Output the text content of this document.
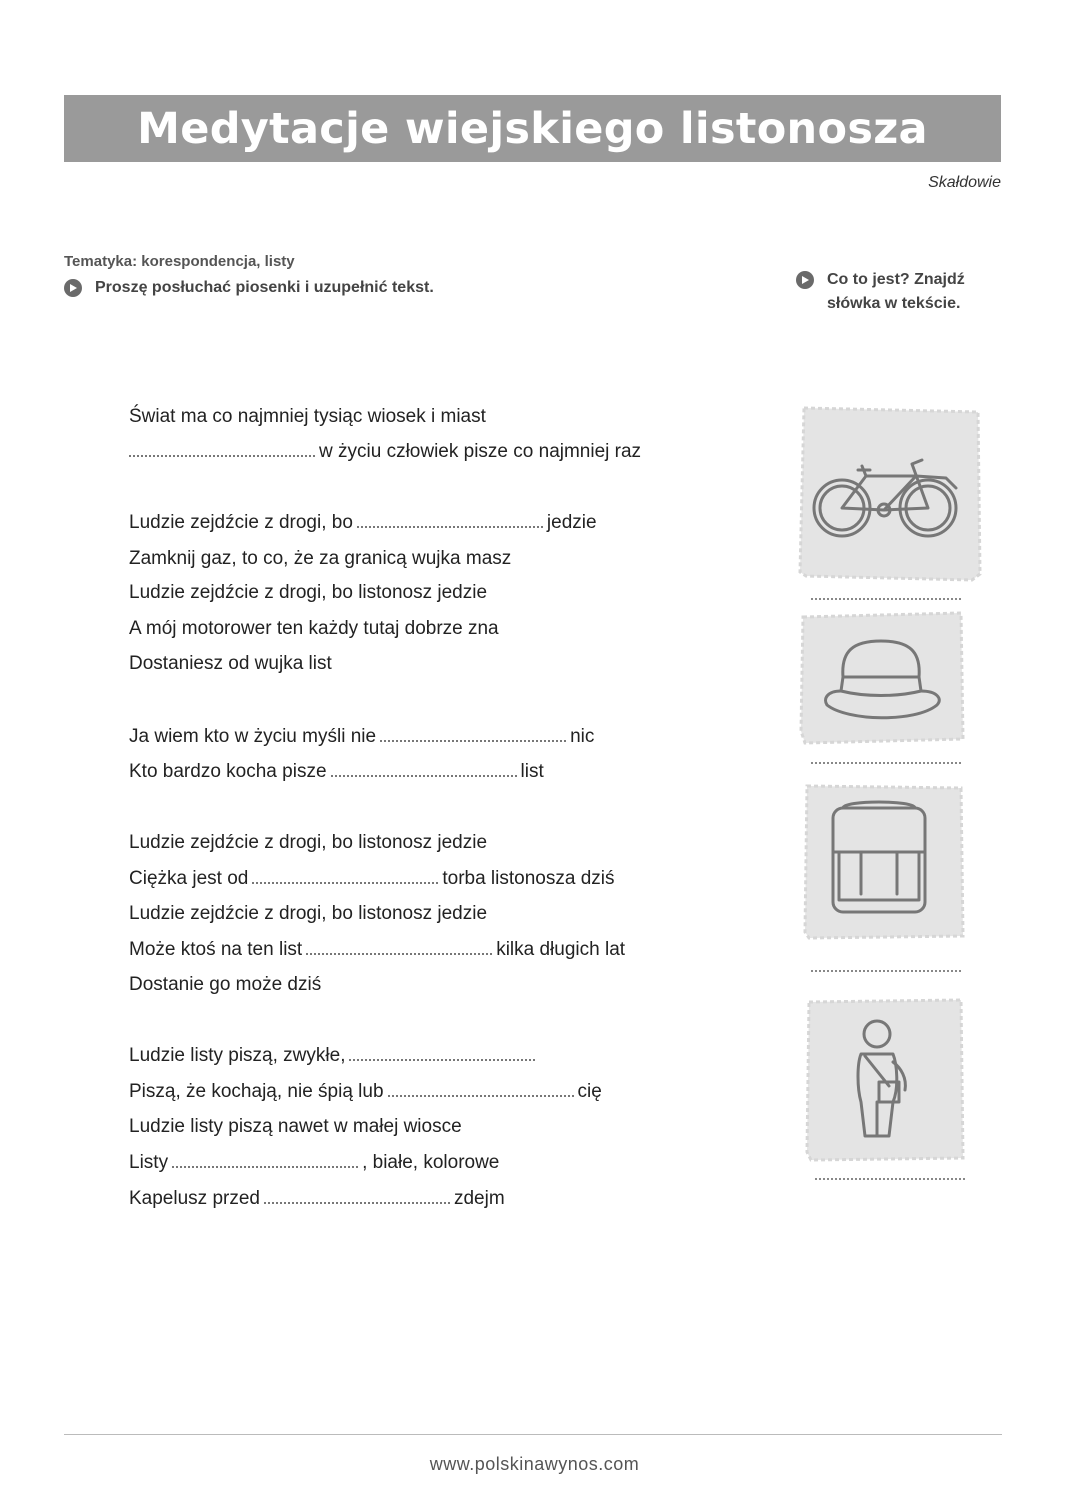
Medytacje wiejskiego listonosza
Skałdowie
Tematyka: korespondencja, listy
Proszę posłuchać piosenki i uzupełnić tekst.	Co to jest? Znajdź słówka w tekście.
Świat ma co najmniej tysiąc wiosek i miast
w życiu człowiek pisze co najmniej raz
Ludzie zejdźcie z drogi, bo	jedzie
Zamknij gaz, to co, że za granicą wujka masz
Ludzie zejdźcie z drogi, bo listonosz jedzie
A mój motorower ten każdy tutaj dobrze zna
Dostaniesz od wujka list
Ja wiem kto w życiu myśli nie	nic
Kto bardzo kocha pisze	list
Ludzie zejdźcie z drogi, bo listonosz jedzie
Ciężka jest od	torba listonosza dziś
Ludzie zejdźcie z drogi, bo listonosz jedzie
Może ktoś na ten list	kilka długich lat
Dostanie go może dziś
Ludzie listy piszą, zwykłe,
Piszą, że kochają, nie śpią lub	cię
Ludzie listy piszą nawet w małej wiosce
Listy	, białe, kolorowe
Kapelusz przed	zdejm
www.polskinawynos.com
